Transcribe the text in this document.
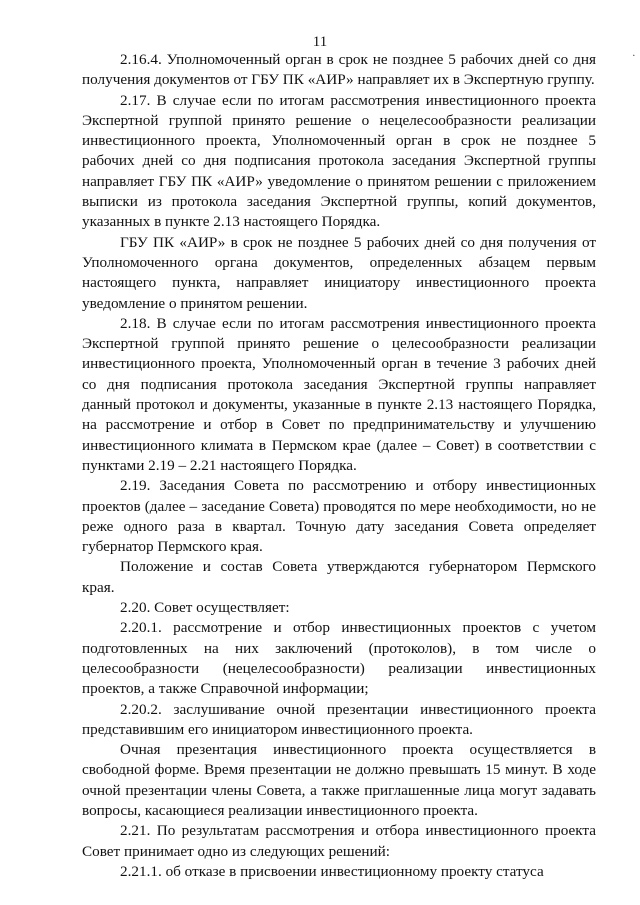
11
˙

2.16.4. Уполномоченный орган в срок не позднее 5 рабочих дней со дня получения документов от ГБУ ПК «АИР» направляет их в Экспертную группу.

2.17. В случае если по итогам рассмотрения инвестиционного проекта Экспертной группой принято решение о нецелесообразности реализации инвестиционного проекта, Уполномоченный орган в срок не позднее 5 рабочих дней со дня подписания протокола заседания Экспертной группы направляет ГБУ ПК «АИР» уведомление о принятом решении с приложением выписки из протокола заседания Экспертной группы, копий документов, указанных в пункте 2.13 настоящего Порядка.

ГБУ ПК «АИР» в срок не позднее 5 рабочих дней со дня получения от Уполномоченного органа документов, определенных абзацем первым настоящего пункта, направляет инициатору инвестиционного проекта уведомление о принятом решении.

2.18. В случае если по итогам рассмотрения инвестиционного проекта Экспертной группой принято решение о целесообразности реализации инвестиционного проекта, Уполномоченный орган в течение 3 рабочих дней со дня подписания протокола заседания Экспертной группы направляет данный протокол и документы, указанные в пункте 2.13 настоящего Порядка, на рассмотрение и отбор в Совет по предпринимательству и улучшению инвестиционного климата в Пермском крае (далее – Совет) в соответствии с пунктами 2.19 – 2.21 настоящего Порядка.

2.19. Заседания Совета по рассмотрению и отбору инвестиционных проектов (далее – заседание Совета) проводятся по мере необходимости, но не реже одного раза в квартал. Точную дату заседания Совета определяет губернатор Пермского края.

Положение и состав Совета утверждаются губернатором Пермского края.

2.20. Совет осуществляет:

2.20.1. рассмотрение и отбор инвестиционных проектов с учетом подготовленных на них заключений (протоколов), в том числе о целесообразности (нецелесообразности) реализации инвестиционных проектов, а также Справочной информации;

2.20.2. заслушивание очной презентации инвестиционного проекта представившим его инициатором инвестиционного проекта.

Очная презентация инвестиционного проекта осуществляется в свободной форме. Время презентации не должно превышать 15 минут. В ходе очной презентации члены Совета, а также приглашенные лица могут задавать вопросы, касающиеся реализации инвестиционного проекта.

2.21. По результатам рассмотрения и отбора инвестиционного проекта Совет принимает одно из следующих решений:

2.21.1. об отказе в присвоении инвестиционному проекту статуса
